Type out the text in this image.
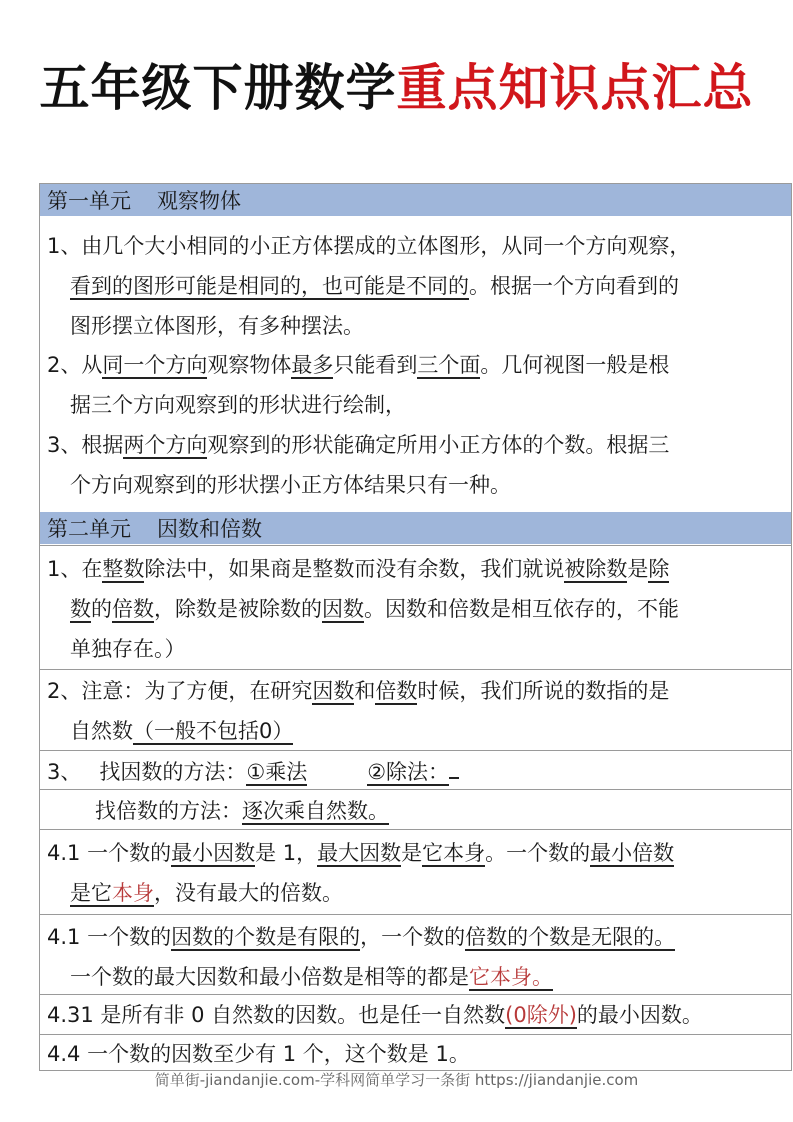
五年级下册数学重点知识点汇总
第一单元 观察物体
1、由几个大小相同的小正方体摆成的立体图形，从同一个方向观察，
看到的图形可能是相同的，也可能是不同的。根据一个方向看到的
图形摆立体图形，有多种摆法。
2、从同一个方向观察物体最多只能看到三个面。几何视图一般是根
据三个方向观察到的形状进行绘制，
3、根据两个方向观察到的形状能确定所用小正方体的个数。根据三
个方向观察到的形状摆小正方体结果只有一种。
第二单元 因数和倍数
1、在整数除法中，如果商是整数而没有余数，我们就说被除数是除
数的倍数，除数是被除数的因数。因数和倍数是相互依存的，不能
单独存在。）
2、注意：为了方便，在研究因数和倍数时候，我们所说的数指的是
自然数（一般不包括0）
3、 找因数的方法：①乘法	②除法：
找倍数的方法：逐次乘自然数。
4.1 一个数的最小因数是 1，最大因数是它本身。一个数的最小倍数
是它本身，没有最大的倍数。
4.1 一个数的因数的个数是有限的，一个数的倍数的个数是无限的。
一个数的最大因数和最小倍数是相等的都是它本身。
4.31 是所有非 0 自然数的因数。也是任一自然数(0除外)的最小因数。
4.4 一个数的因数至少有 1 个，这个数是 1。
简单街-jiandanjie.com-学科网简单学习一条街 https://jiandanjie.com
